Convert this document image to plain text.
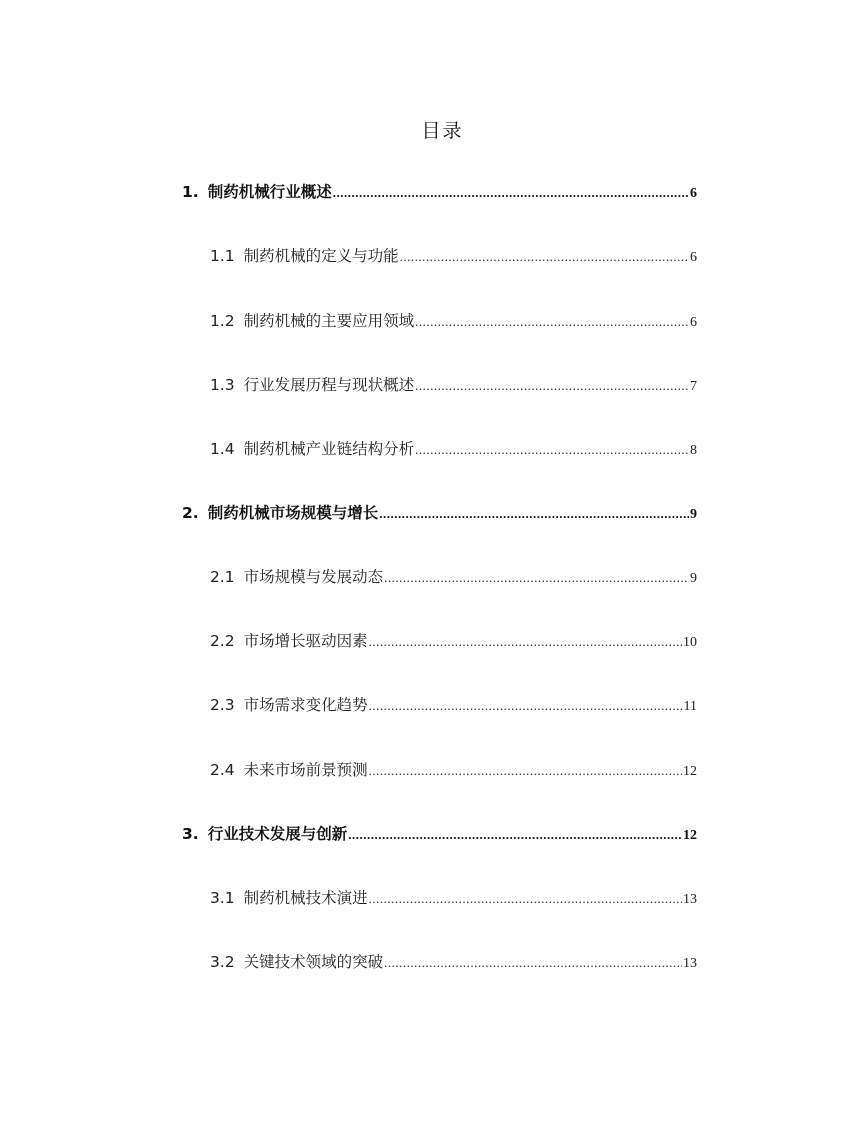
目录
1. 制药机械行业概述 .....	6
1.1 制药机械的定义与功能 .....	6
1.2 制药机械的主要应用领域 .....	6
1.3 行业发展历程与现状概述 .....	7
1.4 制药机械产业链结构分析 .....	8
2. 制药机械市场规模与增长 .....	9
2.1 市场规模与发展动态 .....	9
2.2 市场增长驱动因素 .....	10
2.3 市场需求变化趋势 .....	11
2.4 未来市场前景预测 .....	12
3. 行业技术发展与创新 .....	12
3.1 制药机械技术演进 .....	13
3.2 关键技术领域的突破 .....	13
